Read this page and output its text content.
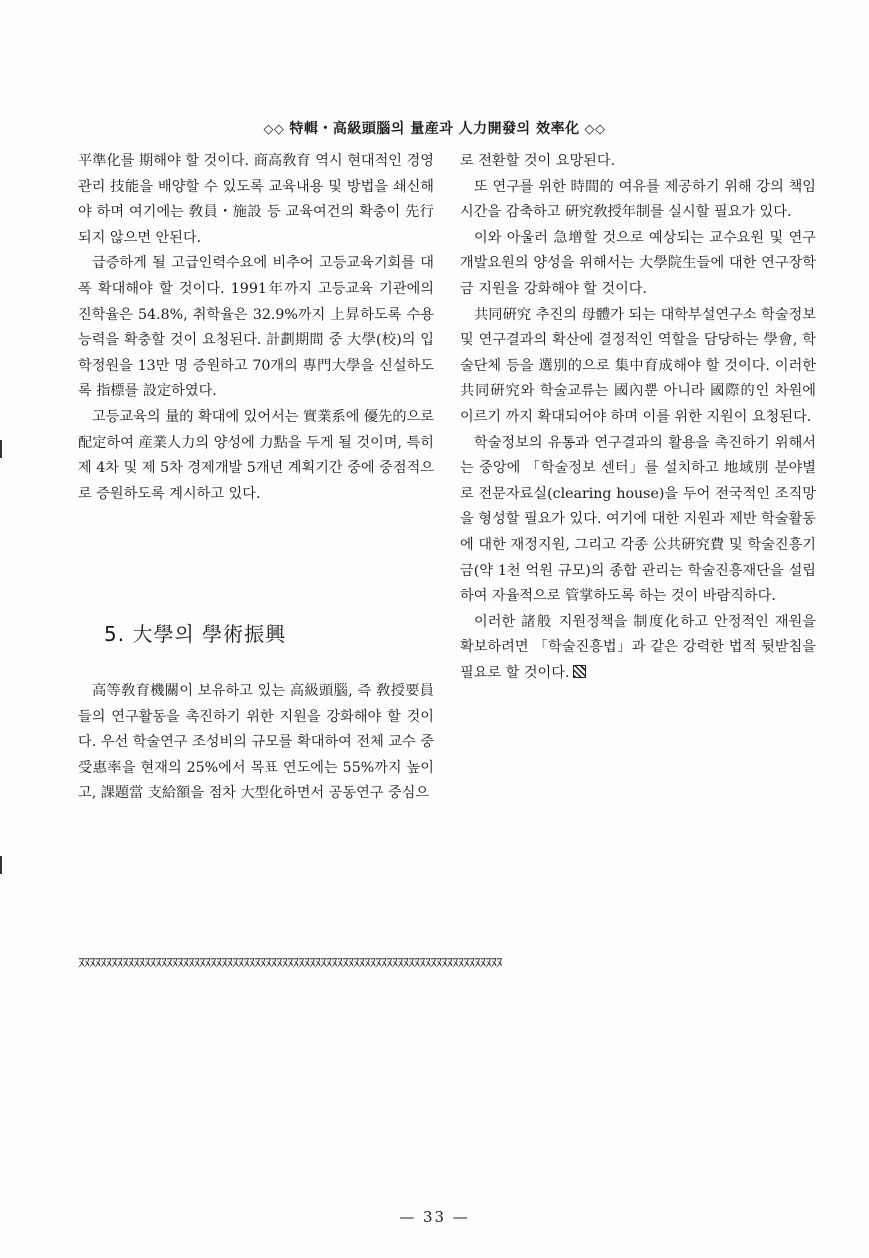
◇◇ 特輯・高級頭腦의 量産과 人力開發의 效率化 ◇◇

平準化를 期해야 할 것이다. 商高敎育 역시 현대적인 경영관리 技能을 배양할 수 있도록 교육내용 및 방법을 쇄신해야 하며 여기에는 敎員・施設 등 교육여건의 확충이 先行되지 않으면 안된다.

급증하게 될 고급인력수요에 비추어 고등교육기회를 대폭 확대해야 할 것이다. 1991年까지 고등교육 기관에의 진학율은 54.8%, 취학율은 32.9%까지 上昇하도록 수용능력을 확충할 것이 요청된다. 計劃期間 중 大學(校)의 입학정원을 13만 명 증원하고 70개의 專門大學을 신설하도록 指標를 設定하였다.

고등교육의 量的 확대에 있어서는 實業系에 優先的으로 配定하여 産業人力의 양성에 力點을 두게 될 것이며, 특히 제 4차 및 제 5차 경제개발 5개년 계획기간 중에 중점적으로 증원하도록 계시하고 있다.

5. 大學의 學術振興

高等敎育機關이 보유하고 있는 高級頭腦, 즉 敎授要員들의 연구활동을 촉진하기 위한 지원을 강화해야 할 것이다. 우선 학술연구 조성비의 규모를 확대하여 전체 교수 중 受惠率을 현재의 25%에서 목표 연도에는 55%까지 높이고, 課題當 支給額을 점차 大型化하면서 공동연구 중심으

로 전환할 것이 요망된다.

또 연구를 위한 時間的 여유를 제공하기 위해 강의 책임시간을 감축하고 硏究敎授年制를 실시할 필요가 있다.

이와 아울러 急增할 것으로 예상되는 교수요원 및 연구개발요원의 양성을 위해서는 大學院生들에 대한 연구장학금 지원을 강화해야 할 것이다.

共同硏究 추진의 母體가 되는 대학부설연구소 학술정보 및 연구결과의 확산에 결정적인 역할을 담당하는 學會, 학술단체 등을 選別的으로 集中育成해야 할 것이다. 이러한 共同硏究와 학술교류는 國內뿐 아니라 國際的인 차원에 이르기 까지 확대되어야 하며 이를 위한 지원이 요청된다.

학술정보의 유통과 연구결과의 활용을 촉진하기 위해서는 중앙에 「학술정보 센터」를 설치하고 地域別 분야별로 전문자료실(clearing house)을 두어 전국적인 조직망을 형성할 필요가 있다. 여기에 대한 지원과 제반 학술활동에 대한 재정지원, 그리고 각종 公共硏究費 및 학술진흥기금(약 1천 억원 규모)의 종합 관리는 학술진흥재단을 설립하여 자율적으로 管掌하도록 하는 것이 바람직하다.

이러한 諸般 지원정책을 制度化하고 안정적인 재원을 확보하려면 「학술진흥법」과 같은 강력한 법적 뒷받침을 필요로 할 것이다.

ﾇﾇﾇﾇﾇﾇﾇﾇﾇﾇﾇﾇﾇﾇﾇﾇﾇﾇﾇﾇﾇﾇﾇﾇﾇﾇﾇﾇﾇﾇﾇﾇﾇﾇﾇﾇﾇﾇﾇﾇﾇﾇﾇﾇﾇﾇﾇﾇﾇﾇﾇﾇﾇﾇﾇﾇﾇﾇﾇﾇﾇﾇﾇﾇﾇﾇﾇﾇﾇﾇﾇﾇﾇﾇﾇﾇﾇ
— 33 —
